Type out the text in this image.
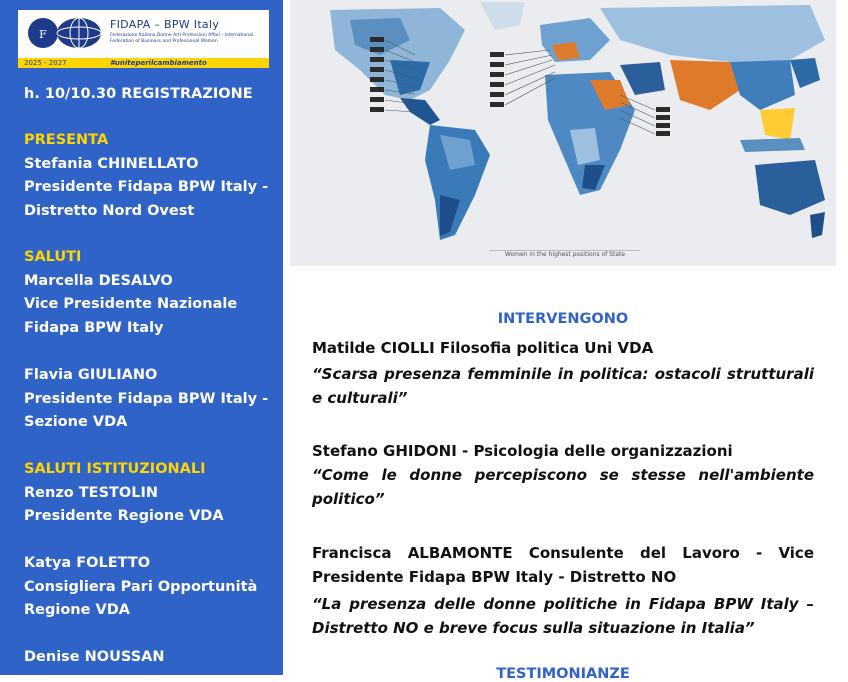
F
FIDAPA – BPW Italy
Federazione Italiana Donne Arti Professioni Affari · International Federation of Business and Professional Women
2025 - 2027	#uniteperilcambiamento
h. 10/10.30 REGISTRAZIONE
PRESENTA
Stefania CHINELLATO
Presidente Fidapa BPW Italy -
Distretto Nord Ovest
SALUTI
Marcella DESALVO
Vice Presidente Nazionale
Fidapa BPW Italy
Flavia GIULIANO
Presidente Fidapa BPW Italy -
Sezione VDA
SALUTI ISTITUZIONALI
Renzo TESTOLIN
Presidente Regione VDA
Katya FOLETTO
Consigliera Pari Opportunità
Regione VDA
Denise NOUSSAN
Women in the highest positions of State
INTERVENGONO
Matilde CIOLLI Filosofia politica Uni VDA
“Scarsa presenza femminile in politica: ostacoli strutturali e culturali”
Stefano GHIDONI - Psicologia delle organizzazioni
“Come le donne percepiscono se stesse nell'ambiente politico”
Francisca ALBAMONTE Consulente del Lavoro - Vice Presidente Fidapa BPW Italy - Distretto NO
“La presenza delle donne politiche in Fidapa BPW Italy – Distretto NO e breve focus sulla situazione in Italia”
TESTIMONIANZE
